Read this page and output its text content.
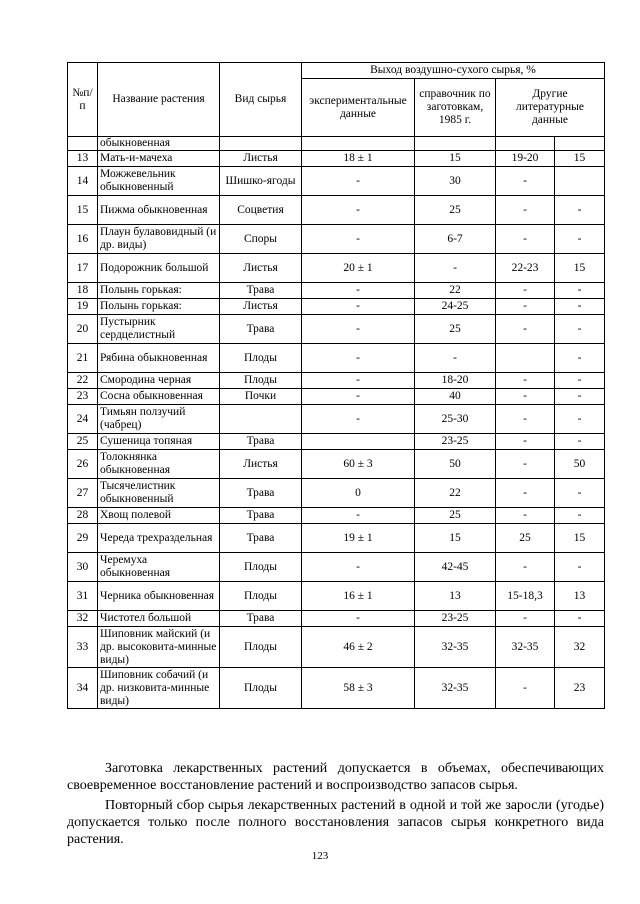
№п/п	Название растения	Вид сырья	Выход воздушно-сухого сырья, %			
			экспериментальные данные	справочник по заготовкам, 1985 г.	Другие литературные данные	
	обыкновенная					
13	Мать-и-мачеха	Листья	18 ± 1	15	19-20	15
14	Можжевельник обыкновенный	Шишко-ягоды	-	30	-	
15	Пижма обыкновенная	Соцветия	-	25	-	-
16	Плаун булавовидный (и др. виды)	Споры	-	6-7	-	-
17	Подорожник большой	Листья	20 ± 1	-	22-23	15
18	Полынь горькая:	Трава	-	22	-	-
19	Полынь горькая:	Листья	-	24-25	-	-
20	Пустырник сердцелистный	Трава	-	25	-	-
21	Рябина обыкновенная	Плоды	-	-		-
22	Смородина черная	Плоды	-	18-20	-	-
23	Сосна обыкновенная	Почки	-	40	-	-
24	Тимьян ползучий (чабрец)		-	25-30	-	-
25	Сушеница топяная	Трава		23-25	-	-
26	Толокнянка обыкновенная	Листья	60 ± 3	50	-	50
27	Тысячелистник обыкновенный	Трава	0	22	-	-
28	Хвощ полевой	Трава	-	25	-	-
29	Череда трехраздельная	Трава	19 ± 1	15	25	15
30	Черемуха обыкновенная	Плоды	-	42-45	-	-
31	Черника обыкновенная	Плоды	16 ± 1	13	15-18,3	13
32	Чистотел большой	Трава	-	23-25	-	-
33	Шиповник майский (и др. высоковита-минные виды)	Плоды	46 ± 2	32-35	32-35	32
34	Шиповник собачий (и др. низковита-минные виды)	Плоды	58 ± 3	32-35	-	23

Заготовка лекарственных растений допускается в объемах, обеспечивающих своевременное восстановление растений и воспроизводство запасов сырья.

Повторный сбор сырья лекарственных растений в одной и той же заросли (угодье) допускается только после полного восстановления запасов сырья конкретного вида растения.

123
